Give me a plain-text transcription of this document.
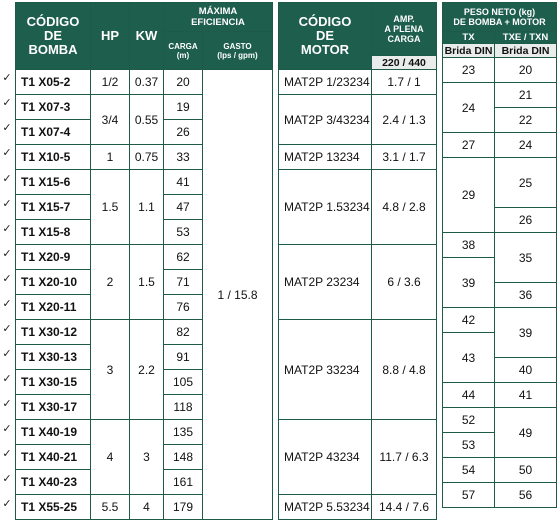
✓
✓
✓
✓
✓
✓
✓
✓
✓
✓
✓
✓
✓
✓
✓
✓
✓
✓
CÓDIGO
DE
BOMBA	HP	KW	MÁXIMA
EFICIENCIA	
			CARGA
(m)	GASTO
(lps / gpm)
T1 X05-2	1/2	0.37	20	1 / 15.8
T1 X07-3	3/4	0.55	19	
T1 X07-4			26	
T1 X10-5	1	0.75	33	
T1 X15-6	1.5	1.1	41	
T1 X15-7			47	
T1 X15-8			53	
T1 X20-9	2	1.5	62	
T1 X20-10			71	
T1 X20-11			76	
T1 X30-12	3	2.2	82	
T1 X30-13			91	
T1 X30-15			105	
T1 X30-17			118	
T1 X40-19	4	3	135	
T1 X40-21			148	
T1 X40-23			161	
T1 X55-25	5.5	4	179	
CÓDIGO
DE
MOTOR	AMP.
A PLENA
CARGA
	220 / 440
MAT2P 1/23234	1.7 / 1
MAT2P 3/43234	2.4 / 1.3
MAT2P 13234	3.1 / 1.7
MAT2P 1.53234	4.8 / 2.8
MAT2P 23234	6 / 3.6
MAT2P 33234	8.8 / 4.8
MAT2P 43234	11.7 / 6.3
MAT2P 5.53234	14.4 / 7.6
PESO NETO (kg)
DE BOMBA + MOTOR	
TX	TXE / TXN
Brida DIN	Brida DIN
23	20
24	21
	22
27	24
29	25

	26
38	35
39	
	36
42	39
43	
	40
44	41
52	49
53	
54	50
57	56
